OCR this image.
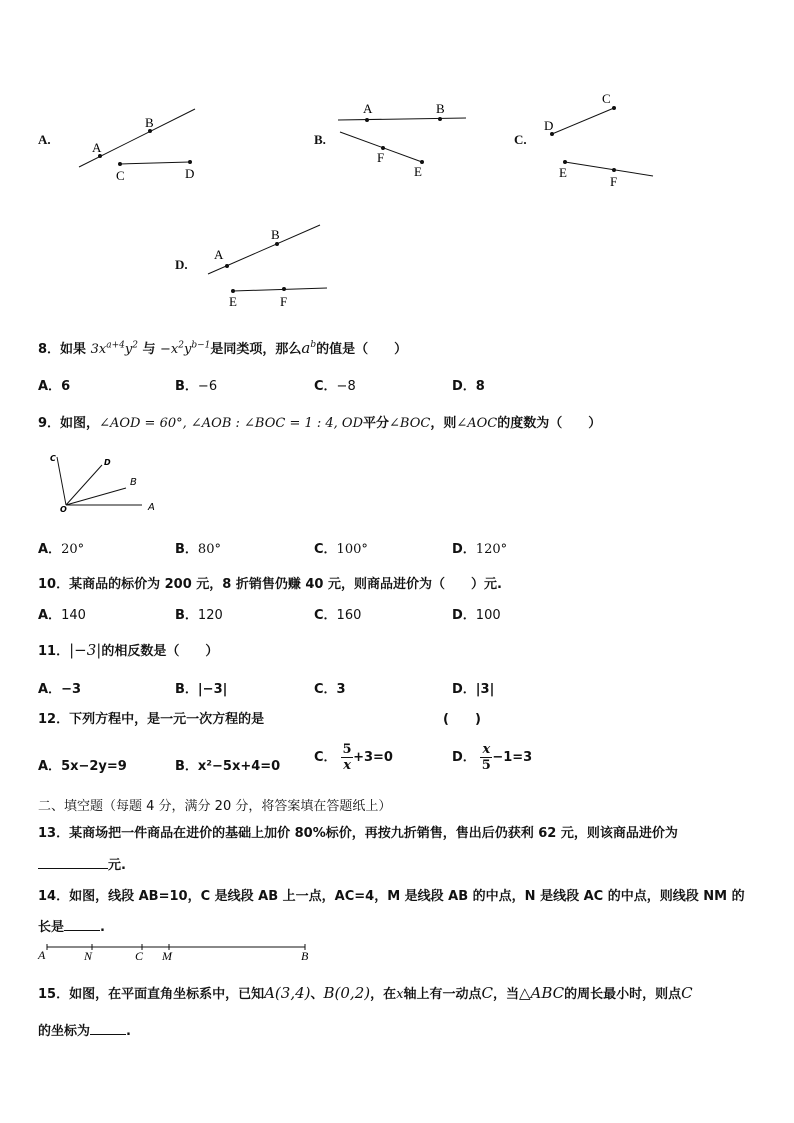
A.
A
B
C	D
B.
A	B
F
E
C.
C
D
E
F
D.
A
B
E	F
8．如果 $3x^{a+4}y^2$ 与 $-x^2y^{b-1}$是同类项，那么$a^b$的值是（　　）
A．6	B．−6	C．−8	D．8
9．如图，∠AOD = 60°, ∠AOB : ∠BOC = 1 : 4, OD平分∠BOC，则∠AOC的度数为（　　）
C	D
B
O	A
A．20°	B．80°	C．100°	D．120°
10．某商品的标价为 200 元，8 折销售仍赚 40 元，则商品进价为（　　）元.
A．140	B．120	C．160	D．100
11．|−3|的相反数是（　　）
A．−3	B．|−3|	C．3	D．|3|
12．下列方程中，是一元一次方程的是	(　　)
A．5x−2y=9	B．x²−5x+4=0
C． $\frac{5}{x} +3=0$	D． $\frac{x}{5} -1=3$
二、填空题（每题 4 分，满分 20 分，将答案填在答题纸上）
13．某商场把一件商品在进价的基础上加价 80%标价，再按九折销售，售出后仍获利 62 元，则该商品进价为
元.
14．如图，线段 AB=10，C 是线段 AB 上一点，AC=4，M 是线段 AB 的中点，N 是线段 AC 的中点，则线段 NM 的
长是	.
A	N	C M	B
15．如图，在平面直角坐标系中，已知A(3,4)、B(0,2)，在x轴上有一动点C，当△ABC的周长最小时，则点C
的坐标为	.
